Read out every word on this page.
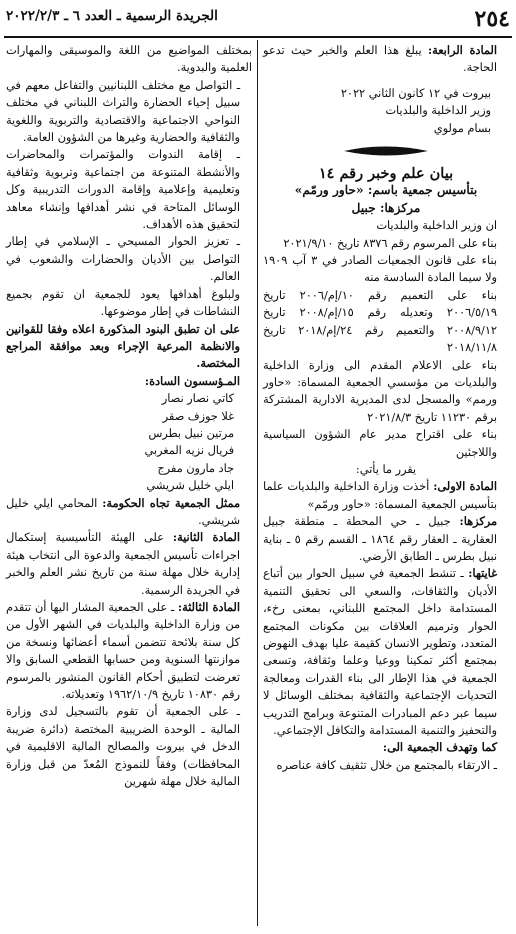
٢٥٤
الجريدة الرسمية ـ العدد ٦ ـ ٢٠٢٢/٢/٣

المادة الرابعة: يبلغ هذا العلم والخبر حيث تدعو الحاجة.

بيروت في ١٢ كانون الثاني ٢٠٢٢

وزير الداخلية والبلديات

بسام مولوي

بيان علم وخبر رقم ١٤

بتأسيس جمعية باسم: «حاور ورمّم»

مركزها: جبيل

ان وزير الداخلية والبلديات

بناء على المرسوم رقم ٨٣٧٦ تاريخ ٢٠٢١/٩/١٠

بناء على قانون الجمعيات الصادر في ٣ آب ١٩٠٩ ولا سيما المادة السادسة منه

بناء على التعميم رقم ١٠/إم/٢٠٠٦ تاريخ ٢٠٠٦/٥/١٩ وتعديله رقم ١٥/إم/٢٠٠٨ تاريخ ٢٠٠٨/٩/١٢ والتعميم رقم ٢٤/إم/٢٠١٨ تاريخ ٢٠١٨/١١/٨

بناء على الاعلام المقدم الى وزارة الداخلية والبلديات من مؤسسي الجمعية المسماة: «حاور ورمم» والمسجل لدى المديرية الادارية المشتركة برقم ١١٢٣٠ تاريخ ٢٠٢١/٨/٣

بناء على اقتراح مدير عام الشؤون السياسية واللاجئين

يقرر ما يأتي:

المادة الاولى: أخذت وزارة الداخلية والبلديات علما بتأسيس الجمعية المسماة: «حاور ورمّم»

مركزها: جبيل ـ حي المحطة ـ منطقة جبيل العقارية ـ العقار رقم ١٨٦٤ ـ القسم رقم ٥ ـ بناية نبيل بطرس ـ الطابق الأرضي.

غايتها: ـ تنشط الجمعية في سبيل الحوار بين أتباع الأديان والثقافات، والسعي الى تحقيق التنمية المستدامة داخل المجتمع اللبناني، بمعنى رخء، الحوار وترميم العلاقات بين مكونات المجتمع المتعدد، وتطوير الانسان كقيمة عليا بهدف النهوض بمجتمع أكثر تمكينا ووعيا وعلما وثقافة، وتسعى الجمعية في هذا الإطار الى بناء القدرات ومعالجة التحديات الإجتماعية والثقافية بمختلف الوسائل لا سيما عبر دعم المبادرات المتنوعة وبرامج التدريب والتحفيز والتنمية المستدامة والتكافل الإجتماعي.

كما وتهدف الجمعية الى:

ـ الارتقاء بالمجتمع من خلال تثقيف كافة عناصره

بمختلف المواضيع من اللغة والموسيقى والمهارات العلمية والبدوية.

ـ التواصل مع مختلف اللبنانيين والتفاعل معهم في سبيل إحياء الحضارة والتراث اللبناني في مختلف النواحي الاجتماعية والاقتصادية والتربوية واللغوية والثقافية والحضارية وغيرها من الشؤون العامة.

ـ إقامة الندوات والمؤتمرات والمحاضرات والأنشطة المتنوعة من اجتماعية وتربوية وثقافية وتعليمية وإعلامية وإقامة الدورات التدريبية وكل الوسائل المتاحة في نشر أهدافها وإنشاء معاهد لتحقيق هذه الأهداف.

ـ تعزيز الحوار المسيحي ـ الإسلامي في إطار التواصل بين الأديان والحضارات والشعوب في العالم.

ولبلوغ أهدافها يعود للجمعية ان تقوم بجميع النشاطات في إطار موضوعها.

على ان تطبق البنود المذكورة اعلاه وفقا للقوانين والانظمة المرعية الإجراء وبعد موافقة المراجع المختصة.

المـؤسسون السادة:

كاتي نصار نصار

غلا جوزف صقر

مرتين نبيل بطرس

فريال نزيه المغربي

جاد مارون مفرج

ايلي خليل شريشي

ممثل الجمعية تجاه الحكومة: المحامي ايلي خليل شريشي.

المادة الثانية: على الهيئة التأسيسية إستكمال اجراءات تأسيس الجمعية والدعوة الى انتخاب هيئة إدارية خلال مهلة سنة من تاريخ نشر العلم والخبر في الجريدة الرسمية.

المادة الثالثة: ـ على الجمعية المشار اليها أن تتقدم من وزارة الداخلية والبلديات في الشهر الأول من كل سنة بلائحة تتضمن أسماء أعضائها ونسخة من موازنتها السنوية ومن حسابها القطعي السابق والا تعرضت لتطبيق أحكام القانون المنشور بالمرسوم رقم ١٠٨٣٠ تاريخ ١٩٦٢/١٠/٩ وتعديلاته.

ـ على الجمعية أن تقوم بالتسجيل لدى وزارة المالية ـ الوحدة الضريبية المختصة (دائرة ضريبة الدخل في بيروت والمصالح المالية الاقليمية في المحافظات) وفقاً للنموذج المُعدّ من قبل وزارة المالية خلال مهلة شهرين
